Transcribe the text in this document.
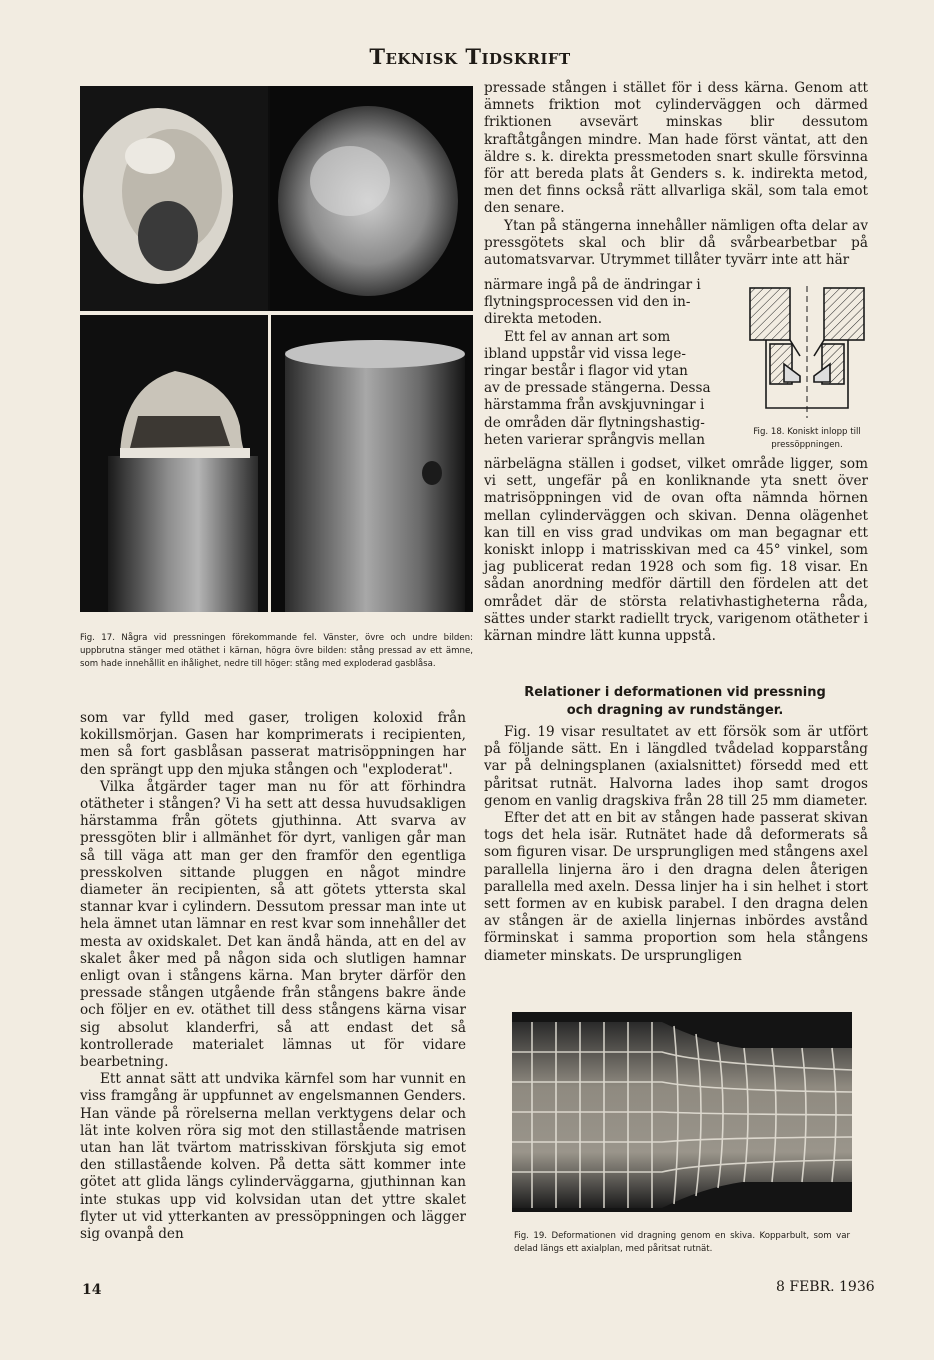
Teknisk Tidskrift
Fig. 17. Några vid pressningen förekommande fel. Vänster, övre och undre bilden: uppbrutna stänger med otäthet i kärnan, högra övre bilden: stång pressad av ett ämne, som hade innehållit en ihålighet, nedre till höger: stång med exploderad gasblåsa.

som var fylld med gaser, troligen koloxid från kokillsmörjan. Gasen har komprimerats i recipienten, men så fort gasblåsan passerat matrisöppningen har den sprängt upp den mjuka stången och "exploderat".

Vilka åtgärder tager man nu för att förhindra otätheter i stången? Vi ha sett att dessa huvudsakligen härstamma från götets gjuthinna. Att svarva av pressgöten blir i allmänhet för dyrt, vanligen går man så till väga att man ger den framför den egentliga presskolven sittande pluggen en något mindre diameter än recipienten, så att götets yttersta skal stannar kvar i cylindern. Dessutom pressar man inte ut hela ämnet utan lämnar en rest kvar som innehåller det mesta av oxidskalet. Det kan ändå hända, att en del av skalet åker med på någon sida och slutligen hamnar enligt ovan i stångens kärna. Man bryter därför den pressade stången utgående från stångens bakre ände och följer en ev. otäthet till dess stångens kärna visar sig absolut klanderfri, så att endast det så kontrollerade materialet lämnas ut för vidare bearbetning.

Ett annat sätt att undvika kärnfel som har vunnit en viss framgång är uppfunnet av engelsmannen Genders. Han vände på rörelserna mellan verktygens delar och lät inte kolven röra sig mot den stillastående matrisen utan han lät tvärtom matrisskivan förskjuta sig emot den stillastående kolven. På detta sätt kommer inte götet att glida längs cylinderväggarna, gjuthinnan kan inte stukas upp vid kolvsidan utan det yttre skalet flyter ut vid ytterkanten av pressöppningen och lägger sig ovanpå den

pressade stången i stället för i dess kärna. Genom att ämnets friktion mot cylinderväggen och därmed friktionen avsevärt minskas blir dessutom kraftåtgången mindre. Man hade först väntat, att den äldre s. k. direkta pressmetoden snart skulle försvinna för att bereda plats åt Genders s. k. indirekta metod, men det finns också rätt allvarliga skäl, som tala emot den senare.

Ytan på stängerna innehåller nämligen ofta delar av pressgötets skal och blir då svårbearbetbar på automatsvarvar. Utrymmet tillåter tyvärr inte att här

närmare ingå på de ändringar i
flytningsprocessen vid den in-
direkta metoden.
Ett fel av annan art som
ibland uppstår vid vissa lege-
ringar består i flagor vid ytan
av de pressade stängerna. Dessa
härstamma från avskjuvningar i
de områden där flytningshastig-
heten varierar språngvis mellan	Fig. 18. Koniskt inlopp till pressöppningen.
närbelägna ställen i godset, vilket område ligger, som vi sett, ungefär på en konliknande yta snett över matrisöppningen vid de ovan ofta nämnda hörnen mellan cylinderväggen och skivan. Denna olägenhet kan till en viss grad undvikas om man begagnar ett koniskt inlopp i matrisskivan med ca 45° vinkel, som jag publicerat redan 1928 och som fig. 18 visar. En sådan anordning medför därtill den fördelen att det området där de största relativhastigheterna råda, sättes under starkt radiellt tryck, varigenom otätheter i kärnan mindre lätt kunna uppstå.
Relationer i deformationen vid pressning och dragning av rundstänger.

Fig. 19 visar resultatet av ett försök som är utfört på följande sätt. En i längdled tvådelad kopparstång var på delningsplanen (axialsnittet) försedd med ett påritsat rutnät. Halvorna lades ihop samt drogos genom en vanlig dragskiva från 28 till 25 mm diameter.

Efter det att en bit av stången hade passerat skivan togs det hela isär. Rutnätet hade då deformerats så som figuren visar. De ursprungligen med stångens axel parallella linjerna äro i den dragna delen återigen parallella med axeln. Dessa linjer ha i sin helhet i stort sett formen av en kubisk parabel. I den dragna delen av stången är de axiella linjernas inbördes avstånd förminskat i samma proportion som hela stångens diameter minskats. De ursprungligen

Fig. 19. Deformationen vid dragning genom en skiva. Kopparbult, som var delad längs ett axialplan, med påritsat rutnät.
14	8 FEBR. 1936
